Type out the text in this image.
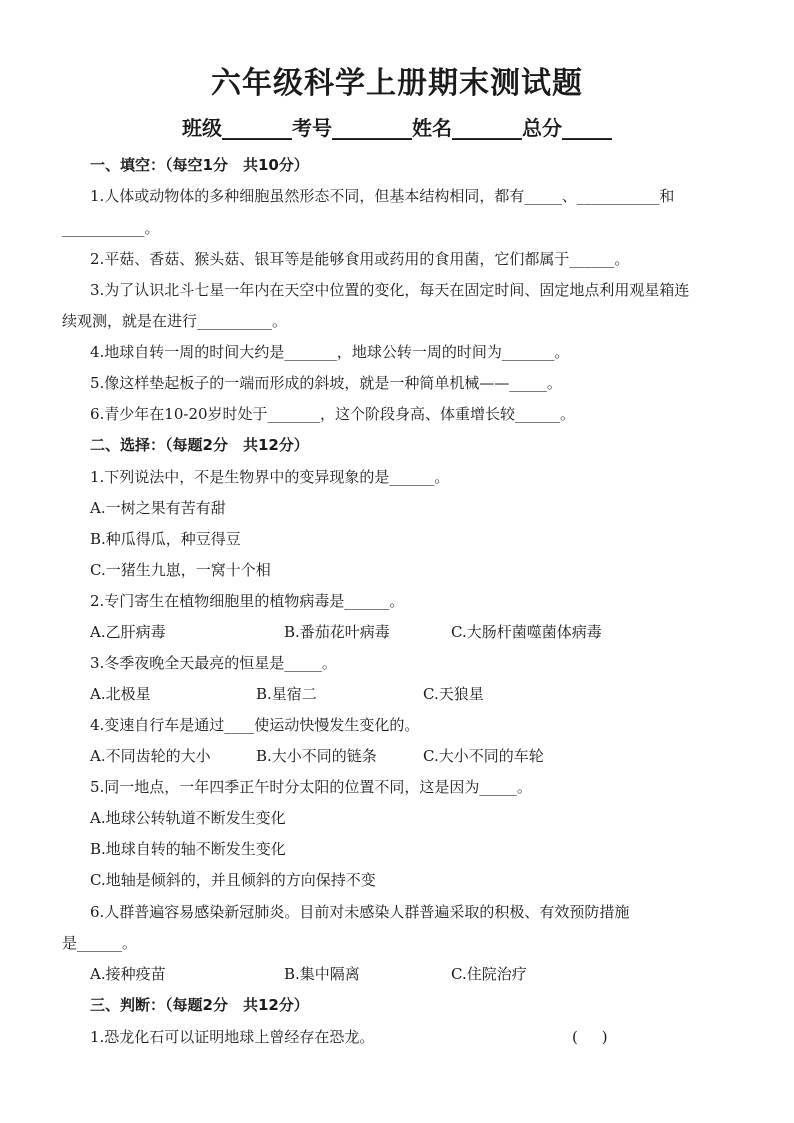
六年级科学上册期末测试题
班级_______考号________姓名_______总分_____
一、填空：（每空1分　共10分）
1.人体或动物体的多种细胞虽然形态不同，但基本结构相同，都有_____、___________和
___________。
2.平菇、香菇、猴头菇、银耳等是能够食用或药用的食用菌，它们都属于______。
3.为了认识北斗七星一年内在天空中位置的变化，每天在固定时间、固定地点利用观星箱连
续观测，就是在进行__________。
4.地球自转一周的时间大约是_______，地球公转一周的时间为_______。
5.像这样垫起板子的一端而形成的斜坡，就是一种简单机械——_____。
6.青少年在10-20岁时处于_______，这个阶段身高、体重增长较______。
二、选择：（每题2分　共12分）
1.下列说法中，不是生物界中的变异现象的是______。
A.一树之果有苦有甜
B.种瓜得瓜，种豆得豆
C.一猪生九崽，一窝十个相
2.专门寄生在植物细胞里的植物病毒是______。
A.乙肝病毒	B.番茄花叶病毒	C.大肠杆菌噬菌体病毒
3.冬季夜晚全天最亮的恒星是_____。
A.北极星	B.星宿二	C.天狼星
4.变速自行车是通过____使运动快慢发生变化的。
A.不同齿轮的大小	B.大小不同的链条	C.大小不同的车轮
5.同一地点，一年四季正午时分太阳的位置不同，这是因为_____。
A.地球公转轨道不断发生变化
B.地球自转的轴不断发生变化
C.地轴是倾斜的，并且倾斜的方向保持不变
6.人群普遍容易感染新冠肺炎。目前对未感染人群普遍采取的积极、有效预防措施
是______。
A.接种疫苗	B.集中隔离	C.住院治疗
三、判断：（每题2分　共12分）
1.恐龙化石可以证明地球上曾经存在恐龙。	(     )
